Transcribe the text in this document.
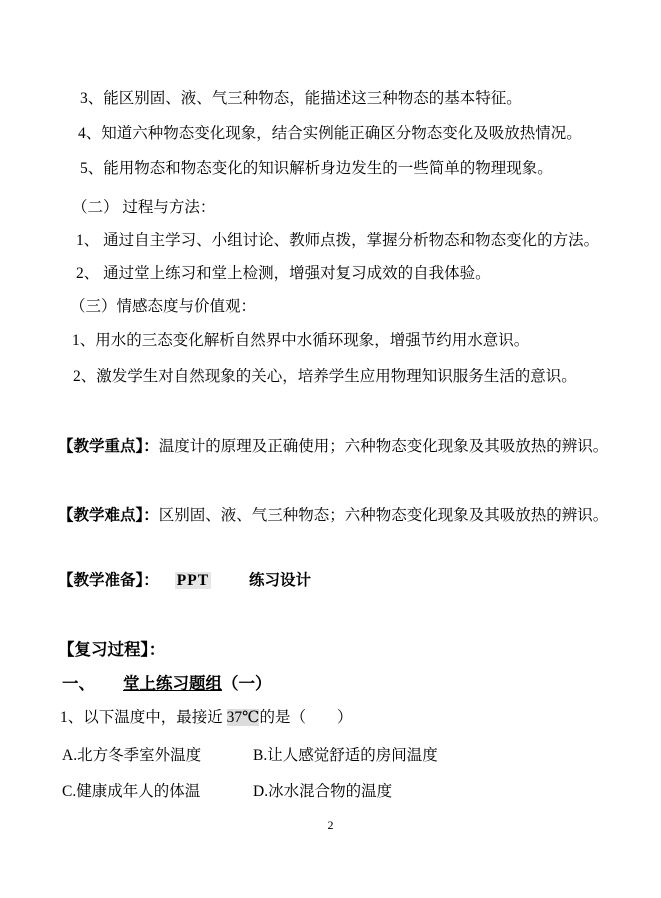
3、能区别固、液、气三种物态，能描述这三种物态的基本特征。
4、知道六种物态变化现象，结合实例能正确区分物态变化及吸放热情况。
5、能用物态和物态变化的知识解析身边发生的一些简单的物理现象。
（二） 过程与方法：
1、 通过自主学习、小组讨论、教师点拨，掌握分析物态和物态变化的方法。
2、 通过堂上练习和堂上检测，增强对复习成效的自我体验。
（三）情感态度与价值观：
1、用水的三态变化解析自然界中水循环现象，增强节约用水意识。
2、激发学生对自然现象的关心，培养学生应用物理知识服务生活的意识。
【教学重点】：温度计的原理及正确使用；六种物态变化现象及其吸放热的辨识。
【教学难点】：区别固、液、气三种物态；六种物态变化现象及其吸放热的辨识。
【教学准备】： PPT	练习设计
【复习过程】：
一、 堂上练习题组（一）
1、以下温度中，最接近 37℃的是（　　）
A.北方冬季室外温度	B.让人感觉舒适的房间温度
C.健康成年人的体温	D.冰水混合物的温度
2
